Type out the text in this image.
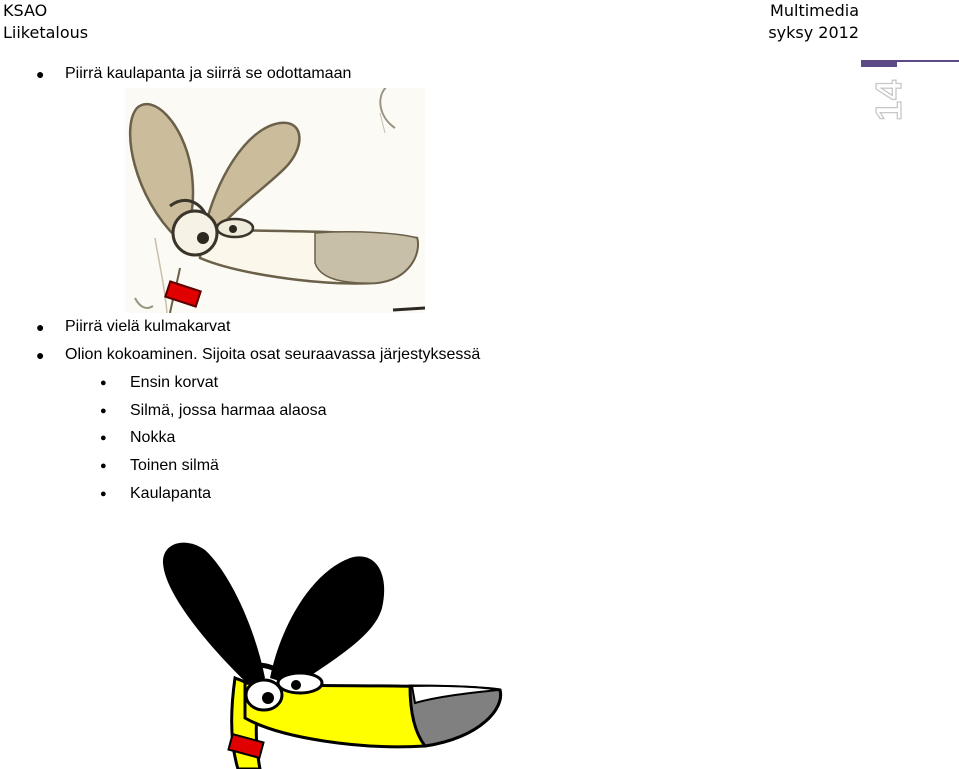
KSAO
Liiketalous
Multimedia
syksy 2012
14
● Piirrä kaulapanta ja siirrä se odottamaan
● Piirrä vielä kulmakarvat
● Olion kokoaminen. Sijoita osat seuraavassa järjestyksessä
● Ensin korvat
● Silmä, jossa harmaa alaosa
● Nokka
● Toinen silmä
● Kaulapanta
